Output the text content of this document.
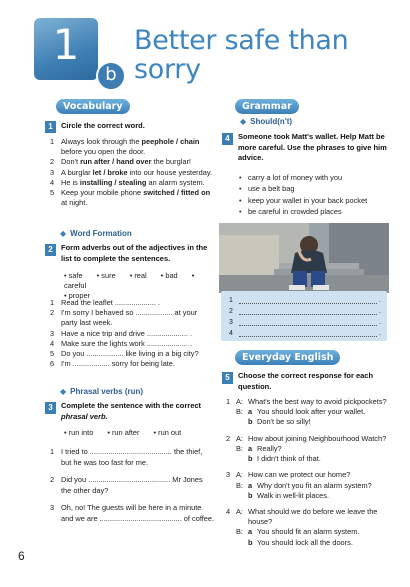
1
b
Better safe than
sorry
Vocabulary
1	Circle the correct word.
1 Always look through the peephole / chain before you open the door.
2 Don't run after / hand over the burglar!
3 A burglar let / broke into our house yesterday.
4 He is installing / stealing an alarm system.
5 Keep your mobile phone switched / fitted on at night.
◆ Word Formation
2	Form adverbs out of the adjectives in the list to complete the sentences.
• safe • sure • real • bad • careful
• proper
1 Read the leaflet .................... .
2 I'm sorry I behaved so .................. at your party last week.
3 Have a nice trip and drive .................... .
4 Make sure the lights work .................... .
5 Do you .................. like living in a big city?
6 I'm .................. sorry for being late.
◆ Phrasal verbs (run)
3	Complete the sentence with the correct
phrasal verb.
• run into • run after • run out
1 I tried to ........................................ the thief,
but he was too fast for me.
2 Did you ........................................ Mr Jones
the other day?
3 Oh, no! The guests will be here in a minute
and we are ........................................ of coffee.
Grammar
◆ Should(n't)
4	Someone took Matt's wallet. Help Matt be more careful. Use the phrases to give him advice.
• carry a lot of money with you
• use a belt bag
• keep your wallet in your back pocket
• be careful in crowded places
1	.
2	.
3	.
4	.
Everyday English
5	Choose the correct response for each question.
1 A: What's the best way to avoid pickpockets?
B: a You should look after your wallet.
b Don't be so silly!
2 A: How about joining Neighbourhood Watch?
B: a Really?
b I didn't think of that.
3 A: How can we protect our home?
B: a Why don't you fit an alarm system?
b Walk in well-lit places.
4 A: What should we do before we leave the house?
B: a You should fit an alarm system.
b You should lock all the doors.
6
